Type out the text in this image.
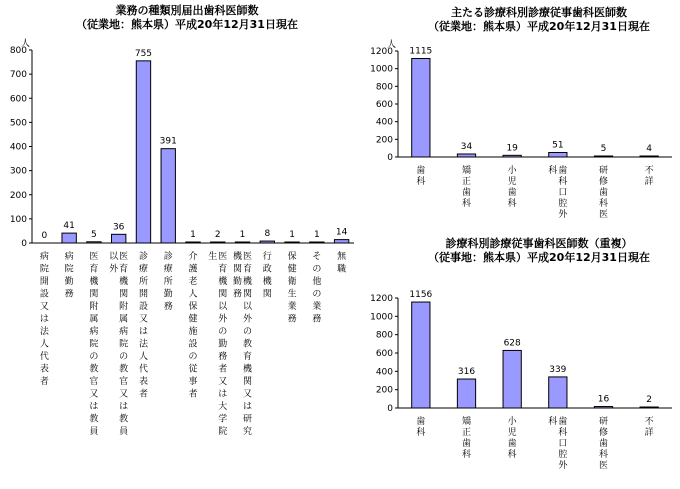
業務の種類別届出歯科医師数
（従業地：熊本県）平成20年12月31日現在
0
100
200
300
400
500
600
700
800
人
0
病
院
開
設
又
は
法
人
代
表
者
41
病
院
勤
務
5
医
育
機
関
附
属
病
院
の
教
官
又
は
教
員
36
医
育
機
関
附
属
病
院
の
教
官
又
は
教
員
以
外
755
診
療
所
開
設
又
は
法
人
代
表
者
391
診
療
所
勤
務
1
介
護
老
人
保
健
施
設
の
従
事
者
2
医
育
機
関
以
外
の
勤
務
者
又
は
大
学
院
生
1
医
育
機
関
以
外
の
教
育
機
関
又
は
研
究
機
関
勤
務
8
行
政
機
関
1
保
健
衛
生
業
務
1
そ
の
他
の
業
務
14
無
職
主たる診療科別診療従事歯科医師数
（従業地：熊本県）平成20年12月31日現在
0
200
400
600
800
1000
1200
人
1115
歯
科
34
矯
正
歯
科
19
小
児
歯
科
51
歯
科
口
腔
外
科
5
研
修
歯
科
医
4
不
詳
診療科別診療従事歯科医師数（重複）
（従事地：熊本県）平成20年12月31日現在
0
200
400
600
800
1000
1200 1156
歯
科
316
矯
正
歯
科
628
小
児
歯
科
339
歯
科
口
腔
外
科
16
研
修
歯
科
医
2
不
詳
